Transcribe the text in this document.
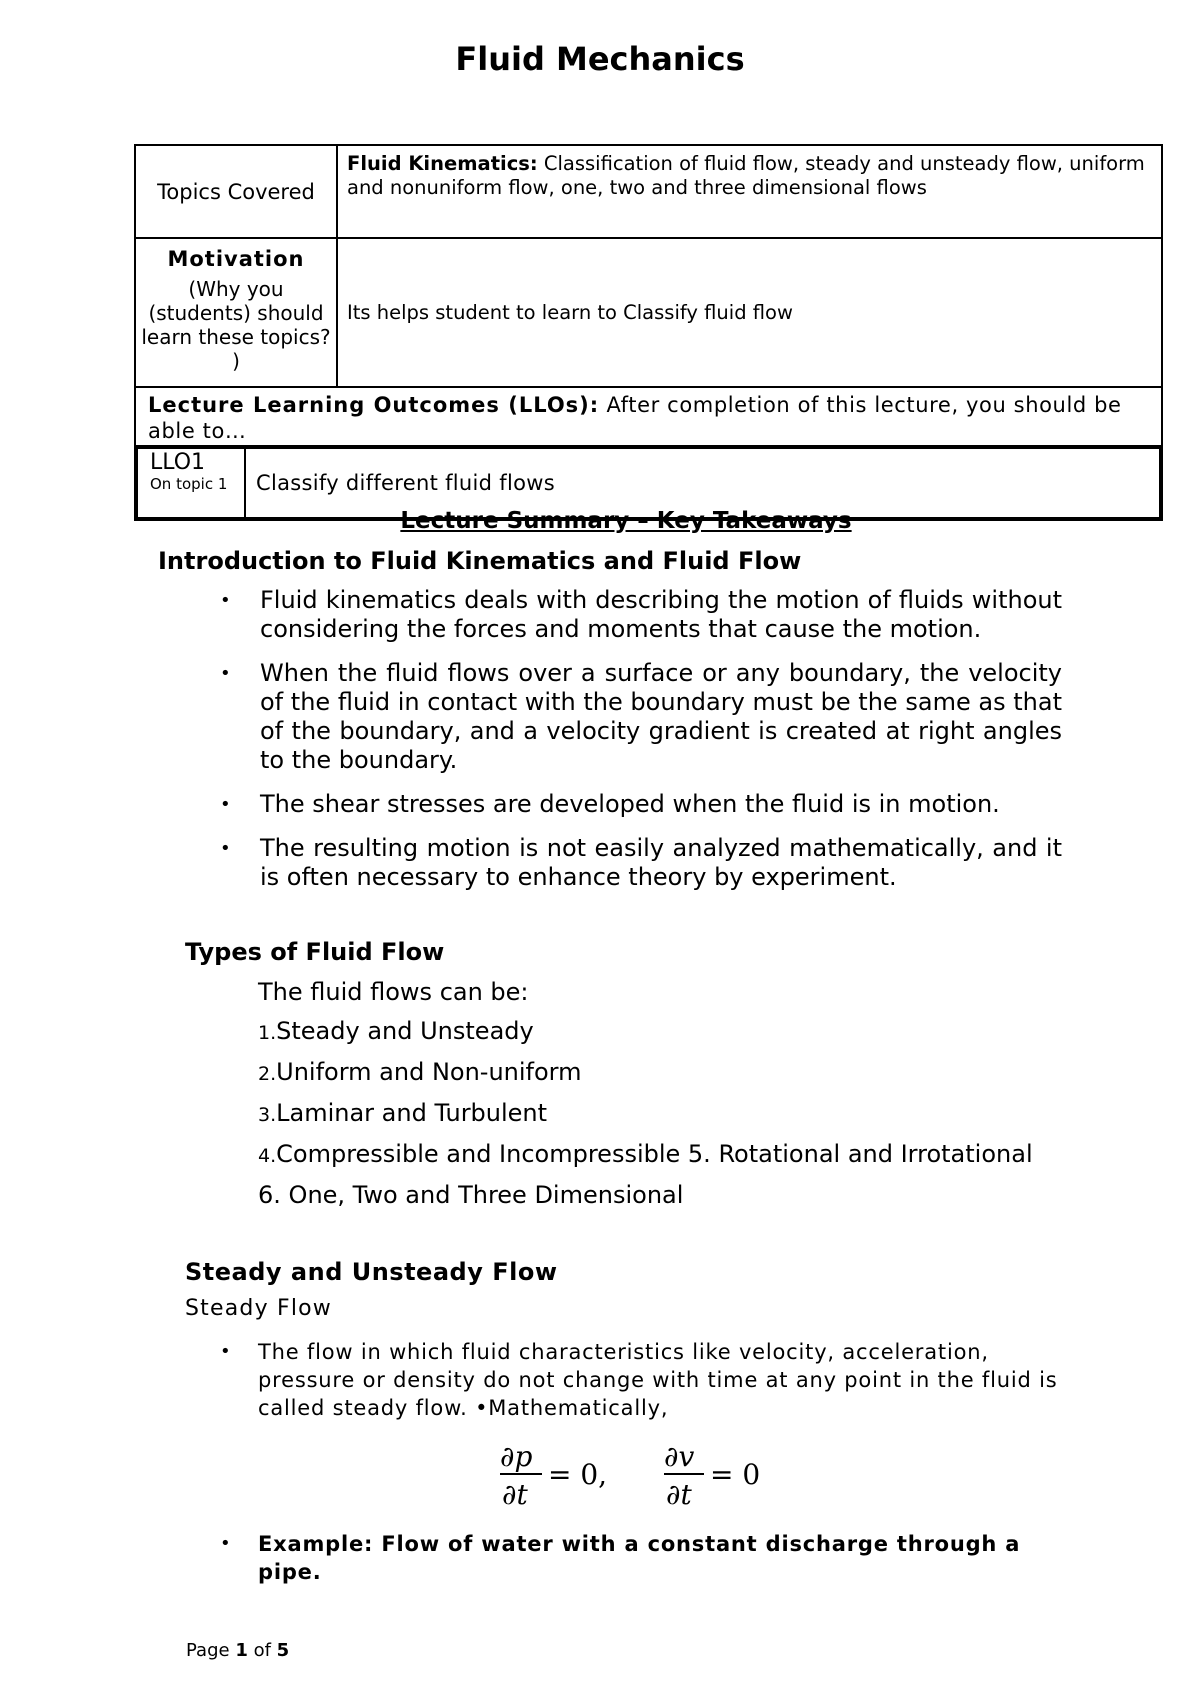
Fluid Mechanics
Topics Covered	Fluid Kinematics: Classification of fluid flow, steady and unsteady flow, uniform and nonuniform flow, one, two and three dimensional flows

Motivation
(Why you (students) should learn these topics? )
	Its helps student to learn to Classify fluid flow
Lecture Learning Outcomes (LLOs): After completion of this lecture, you should be able to…

LLO1
On topic 1	Classify different fluid flows
Lecture Summary – Key Takeaways
Introduction to Fluid Kinematics and Fluid Flow
• Fluid kinematics deals with describing the motion of fluids without considering the forces and moments that cause the motion.
• When the fluid flows over a surface or any boundary, the velocity of the fluid in contact with the boundary must be the same as that of the boundary, and a velocity gradient is created at right angles to the boundary.
• The shear stresses are developed when the fluid is in motion.
• The resulting motion is not easily analyzed mathematically, and it is often necessary to enhance theory by experiment.
Types of Fluid Flow
The fluid flows can be:
1.Steady and Unsteady
2.Uniform and Non-uniform
3.Laminar and Turbulent
4.Compressible and Incompressible 5. Rotational and Irrotational
6. One, Two and Three Dimensional
Steady and Unsteady Flow
Steady Flow
• The flow in which fluid characteristics like velocity, acceleration, pressure or density do not change with time at any point in the fluid is called steady flow. •Mathematically,
∂p
∂t
= 0,
∂v
∂t
= 0
• Example: Flow of water with a constant discharge through a pipe.
Page 1 of 5
